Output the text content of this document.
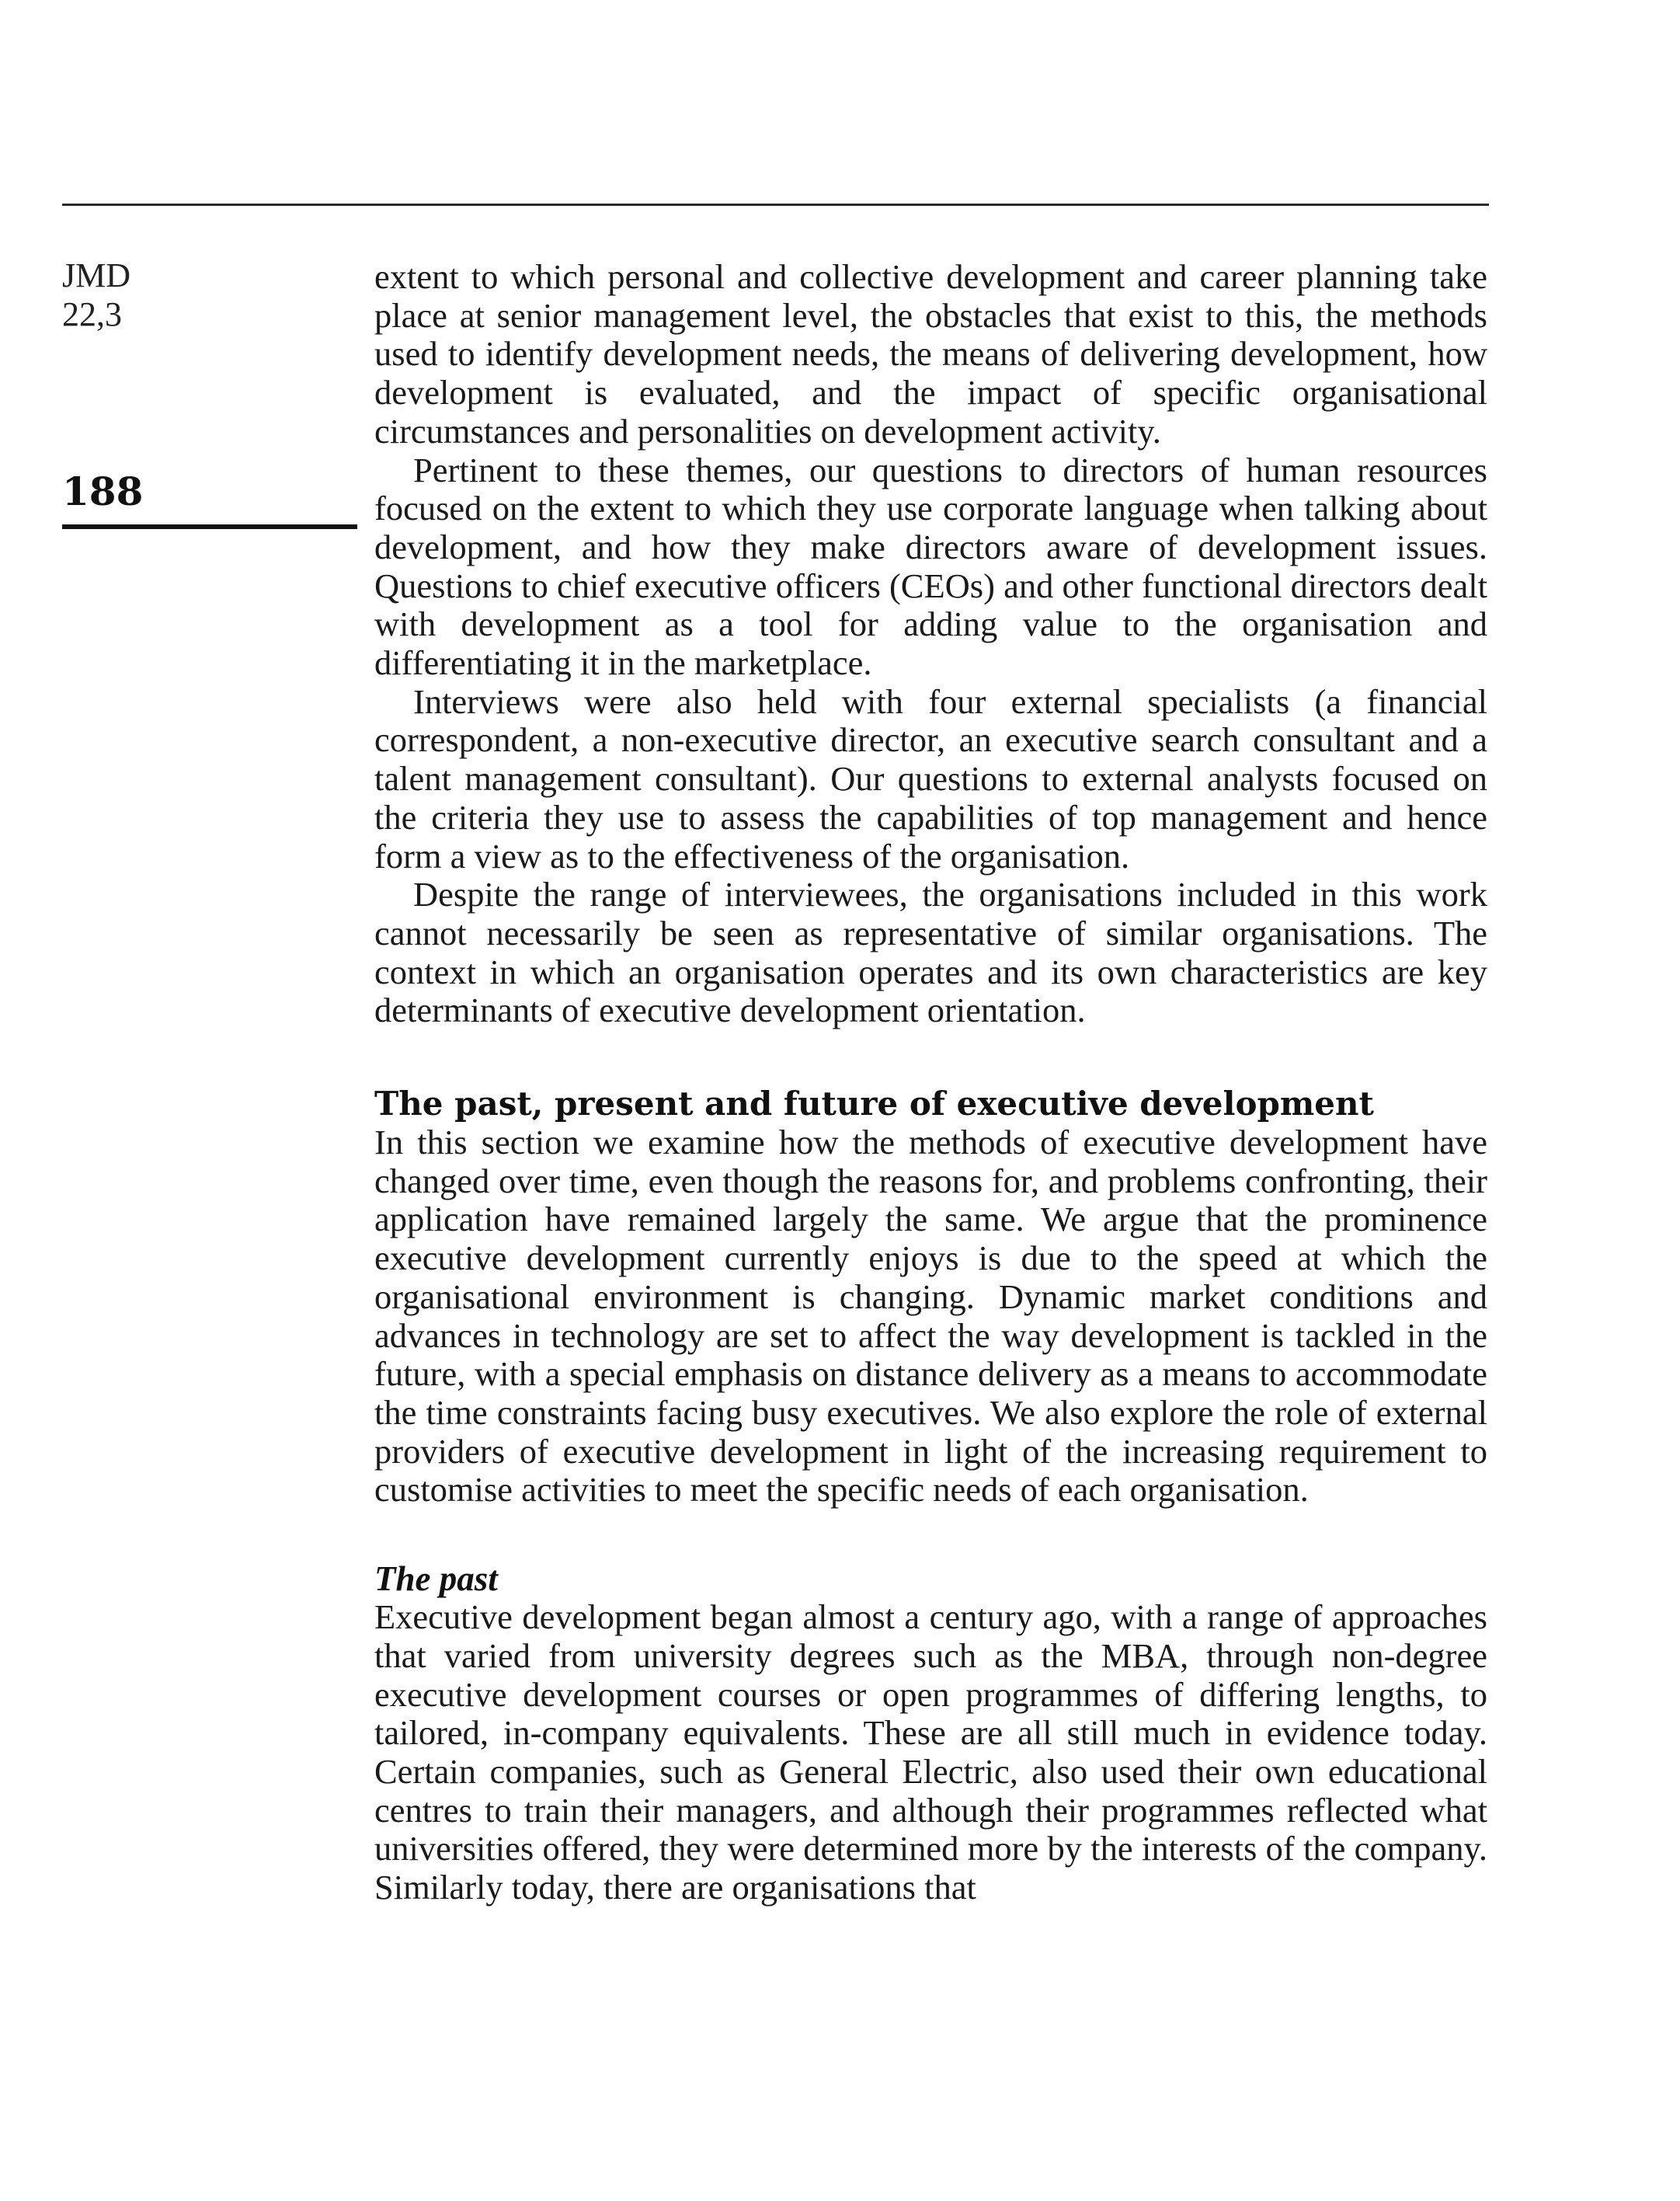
JMD
22,3
188

extent to which personal and collective development and career planning take place at senior management level, the obstacles that exist to this, the methods used to identify development needs, the means of delivering development, how development is evaluated, and the impact of specific organisational circumstances and personalities on development activity.

Pertinent to these themes, our questions to directors of human resources focused on the extent to which they use corporate language when talking about development, and how they make directors aware of development issues. Questions to chief executive officers (CEOs) and other functional directors dealt with development as a tool for adding value to the organisation and differentiating it in the marketplace.

Interviews were also held with four external specialists (a financial correspondent, a non-executive director, an executive search consultant and a talent management consultant). Our questions to external analysts focused on the criteria they use to assess the capabilities of top management and hence form a view as to the effectiveness of the organisation.

Despite the range of interviewees, the organisations included in this work cannot necessarily be seen as representative of similar organisations. The context in which an organisation operates and its own characteristics are key determinants of executive development orientation.

The past, present and future of executive development

In this section we examine how the methods of executive development have changed over time, even though the reasons for, and problems confronting, their application have remained largely the same. We argue that the prominence executive development currently enjoys is due to the speed at which the organisational environment is changing. Dynamic market conditions and advances in technology are set to affect the way development is tackled in the future, with a special emphasis on distance delivery as a means to accommodate the time constraints facing busy executives. We also explore the role of external providers of executive development in light of the increasing requirement to customise activities to meet the specific needs of each organisation.

The past

Executive development began almost a century ago, with a range of approaches that varied from university degrees such as the MBA, through non-degree executive development courses or open programmes of differing lengths, to tailored, in-company equivalents. These are all still much in evidence today. Certain companies, such as General Electric, also used their own educational centres to train their managers, and although their programmes reflected what universities offered, they were determined more by the interests of the company. Similarly today, there are organisations that
